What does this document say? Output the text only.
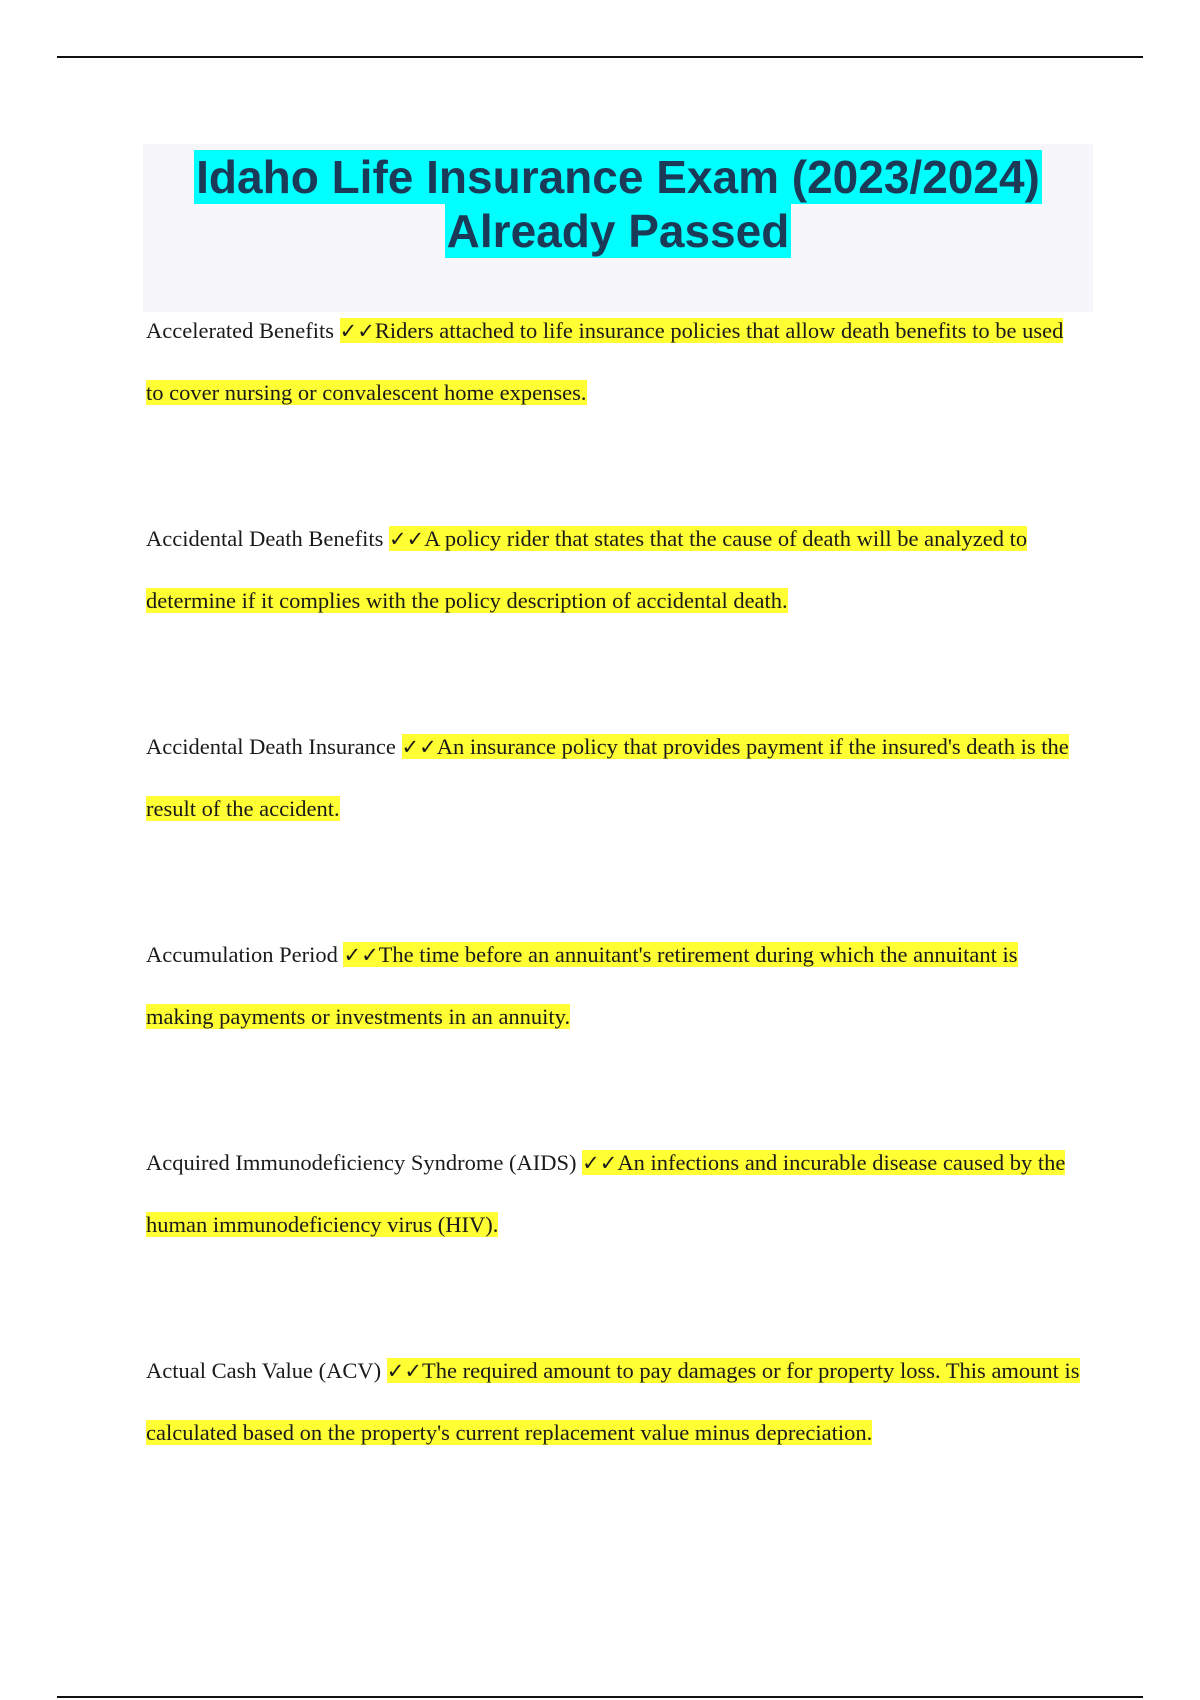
Idaho Life Insurance Exam (2023/2024)
Already Passed
Accelerated Benefits ✓✓Riders attached to life insurance policies that allow death benefits to be used to cover nursing or convalescent home expenses.
Accidental Death Benefits ✓✓A policy rider that states that the cause of death will be analyzed to determine if it complies with the policy description of accidental death.
Accidental Death Insurance ✓✓An insurance policy that provides payment if the insured's death is the result of the accident.
Accumulation Period ✓✓The time before an annuitant's retirement during which the annuitant is making payments or investments in an annuity.
Acquired Immunodeficiency Syndrome (AIDS) ✓✓An infections and incurable disease caused by the human immunodeficiency virus (HIV).
Actual Cash Value (ACV) ✓✓The required amount to pay damages or for property loss. This amount is calculated based on the property's current replacement value minus depreciation.
